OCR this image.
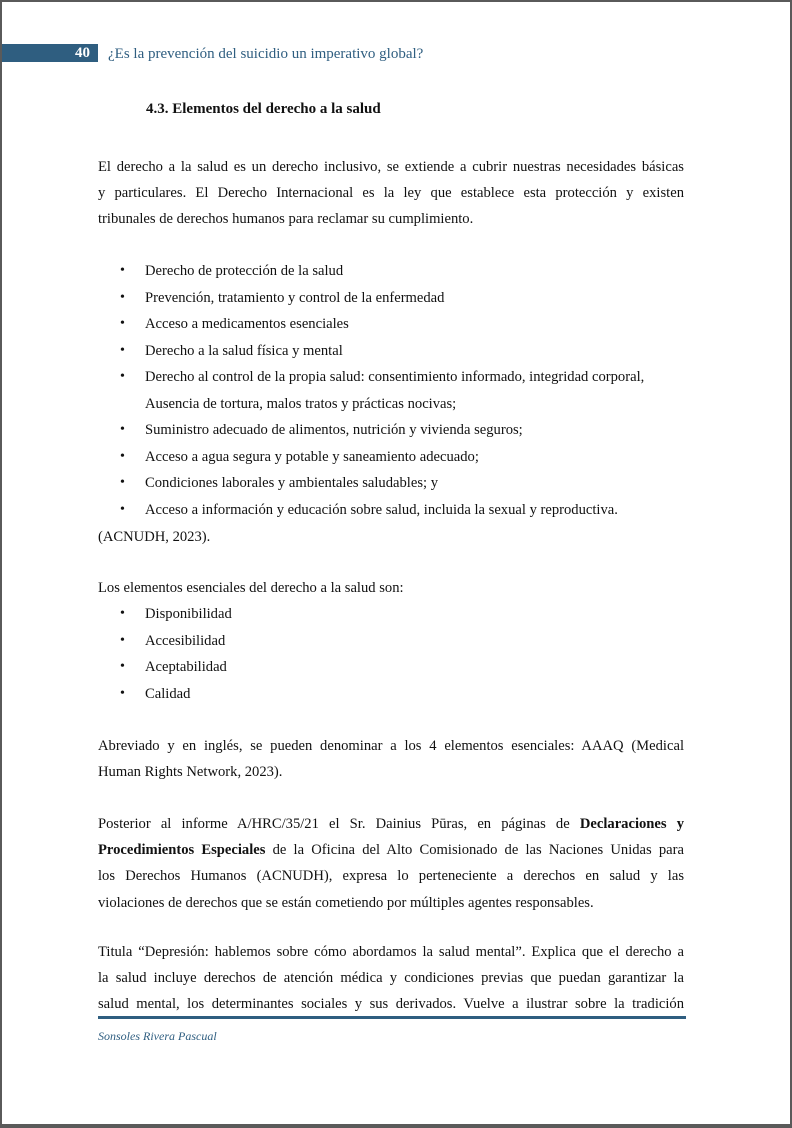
40 ¿Es la prevención del suicidio un imperativo global?
4.3. Elementos del derecho a la salud
El derecho a la salud es un derecho inclusivo, se extiende a cubrir nuestras necesidades básicas
y particulares. El Derecho Internacional es la ley que establece esta protección y existen
tribunales de derechos humanos para reclamar su cumplimiento.
• Derecho de protección de la salud
• Prevención, tratamiento y control de la enfermedad
• Acceso a medicamentos esenciales
• Derecho a la salud física y mental
• Derecho al control de la propia salud: consentimiento informado, integridad corporal,
Ausencia de tortura, malos tratos y prácticas nocivas;
• Suministro adecuado de alimentos, nutrición y vivienda seguros;
• Acceso a agua segura y potable y saneamiento adecuado;
• Condiciones laborales y ambientales saludables; y
• Acceso a información y educación sobre salud, incluida la sexual y reproductiva.
(ACNUDH, 2023).
Los elementos esenciales del derecho a la salud son:
• Disponibilidad
• Accesibilidad
• Aceptabilidad
• Calidad
Abreviado y en inglés, se pueden denominar a los 4 elementos esenciales: AAAQ (Medical
Human Rights Network, 2023).
Posterior al informe A/HRC/35/21 el Sr. Dainius Pūras, en páginas de Declaraciones y
Procedimientos Especiales de la Oficina del Alto Comisionado de las Naciones Unidas para
los Derechos Humanos (ACNUDH), expresa lo perteneciente a derechos en salud y las
violaciones de derechos que se están cometiendo por múltiples agentes responsables.
Titula “Depresión: hablemos sobre cómo abordamos la salud mental”. Explica que el derecho a
la salud incluye derechos de atención médica y condiciones previas que puedan garantizar la
salud mental, los determinantes sociales y sus derivados. Vuelve a ilustrar sobre la tradición
Sonsoles Rivera Pascual
